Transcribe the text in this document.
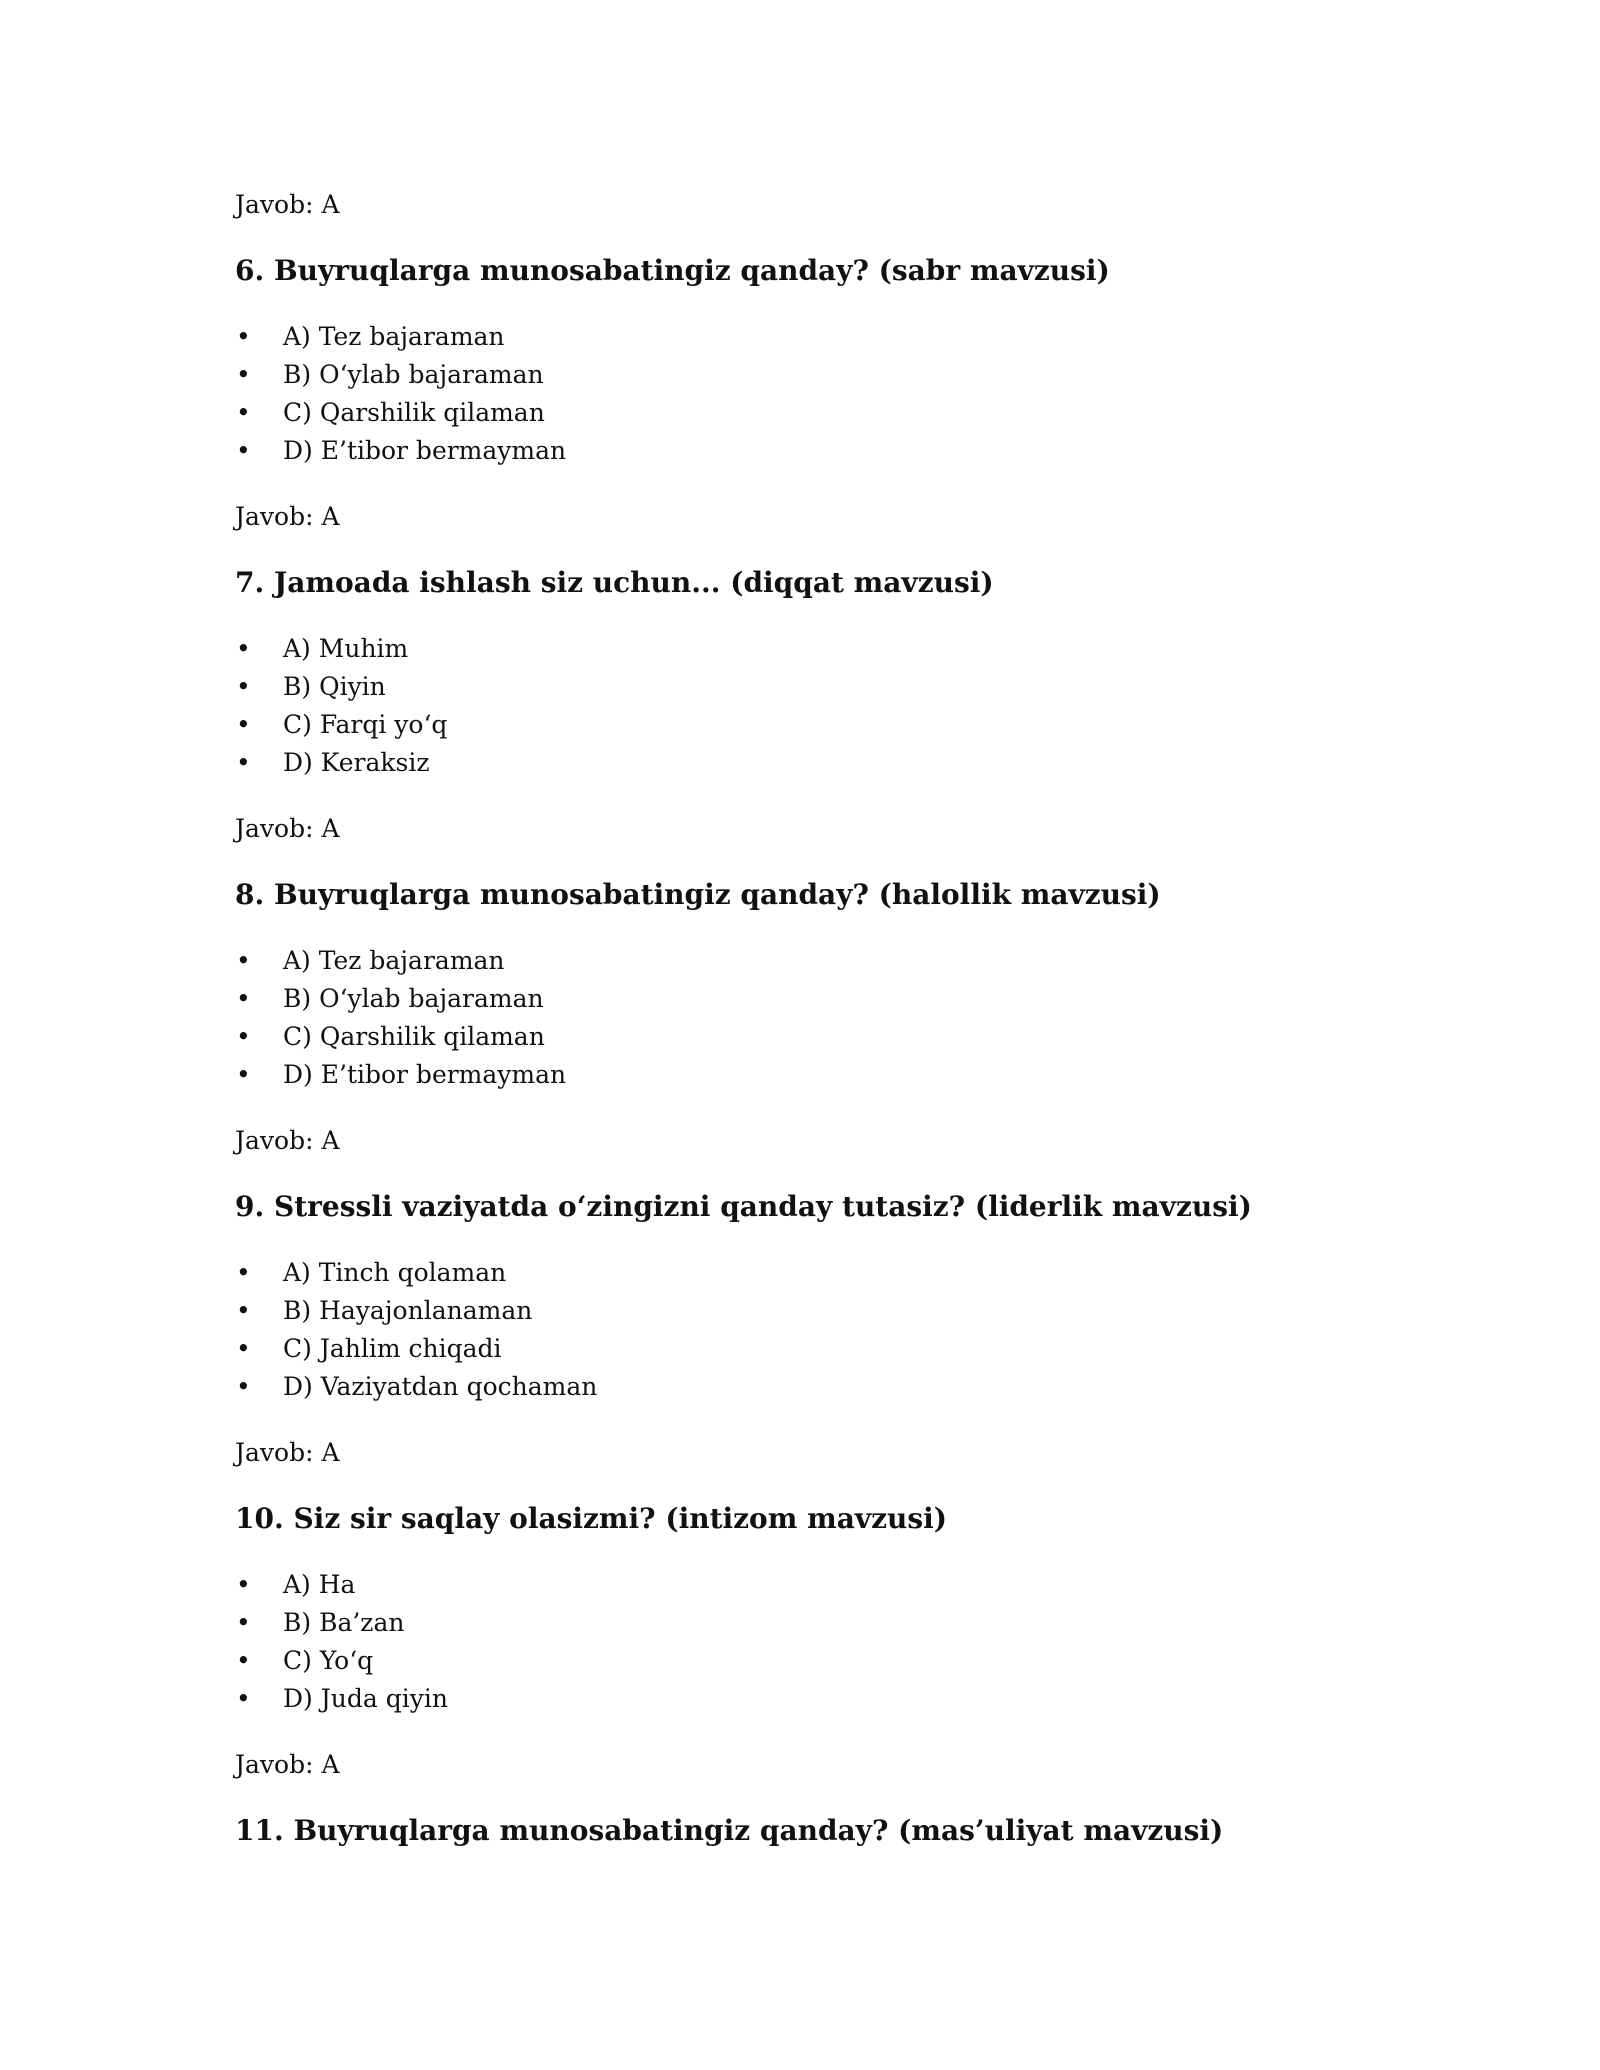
Javob: A

6. Buyruqlarga munosabatingiz qanday? (sabr mavzusi)
• A) Tez bajaraman
• B) O‘ylab bajaraman
• C) Qarshilik qilaman
• D) E’tibor bermayman

Javob: A

7. Jamoada ishlash siz uchun... (diqqat mavzusi)
• A) Muhim
• B) Qiyin
• C) Farqi yo‘q
• D) Keraksiz

Javob: A

8. Buyruqlarga munosabatingiz qanday? (halollik mavzusi)
• A) Tez bajaraman
• B) O‘ylab bajaraman
• C) Qarshilik qilaman
• D) E’tibor bermayman

Javob: A

9. Stressli vaziyatda o‘zingizni qanday tutasiz? (liderlik mavzusi)
• A) Tinch qolaman
• B) Hayajonlanaman
• C) Jahlim chiqadi
• D) Vaziyatdan qochaman

Javob: A

10. Siz sir saqlay olasizmi? (intizom mavzusi)
• A) Ha
• B) Ba’zan
• C) Yo‘q
• D) Juda qiyin

Javob: A

11. Buyruqlarga munosabatingiz qanday? (mas’uliyat mavzusi)
